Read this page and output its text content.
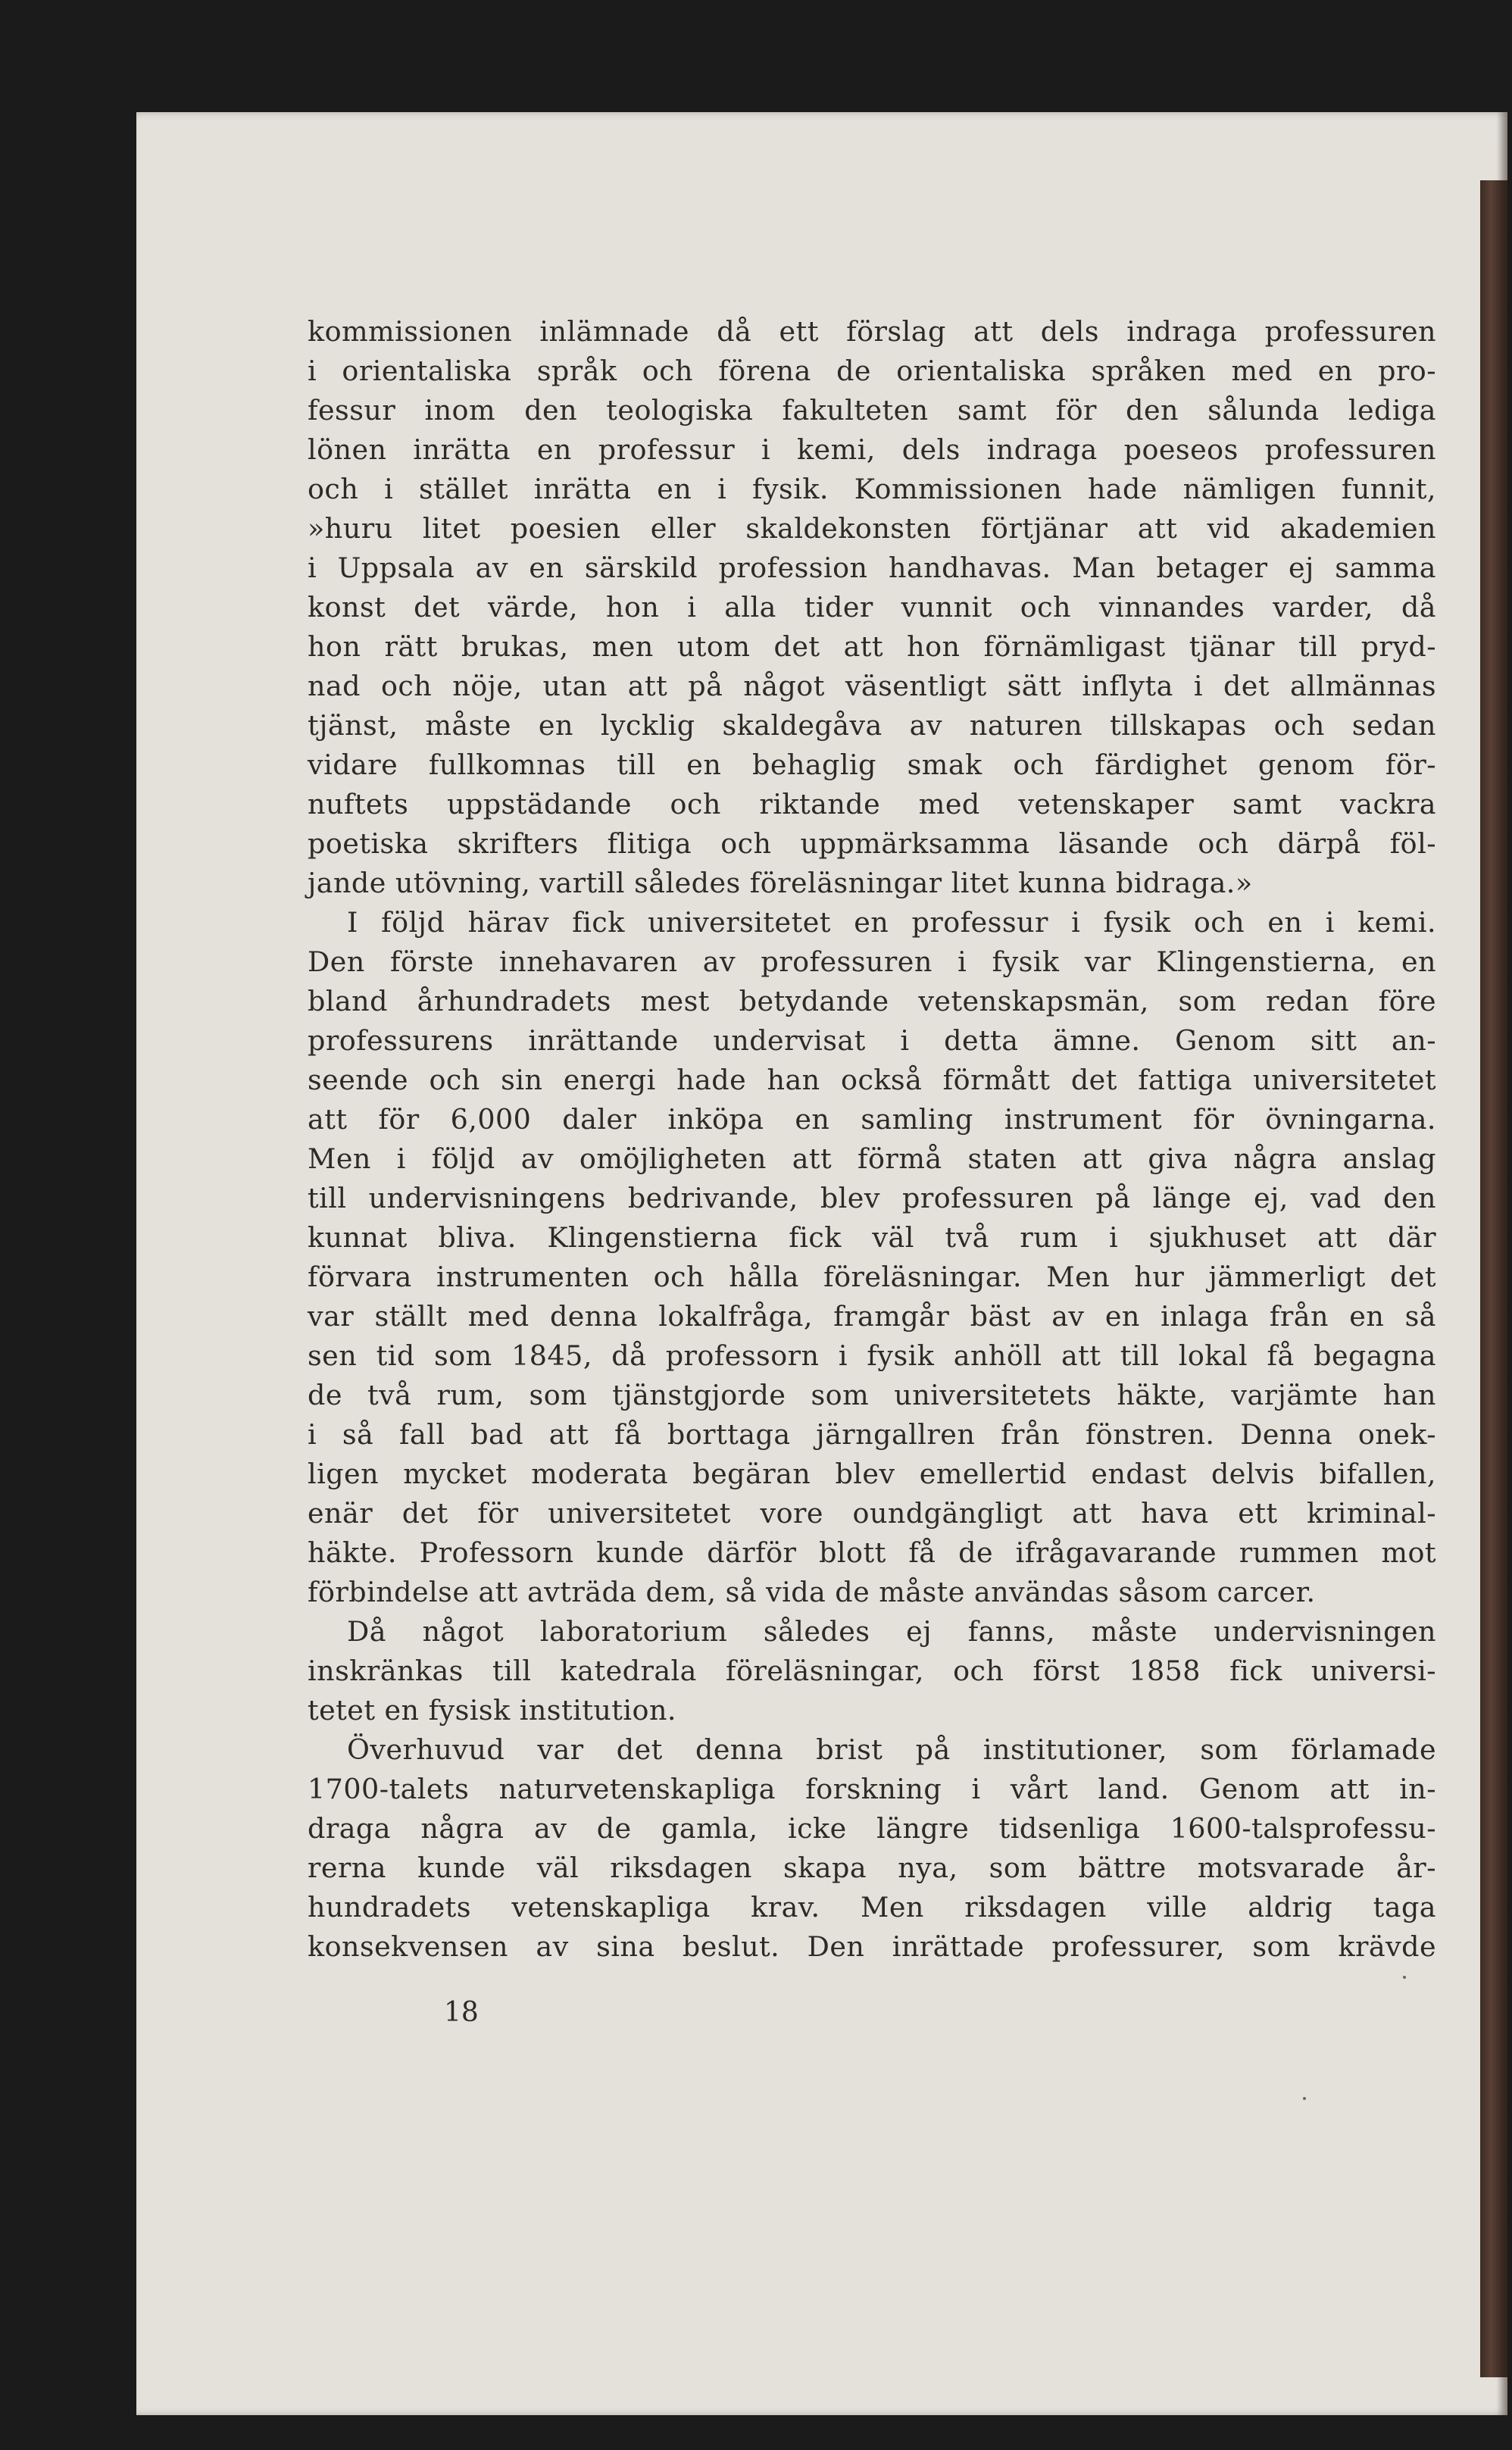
kommissionen inlämnade då ett förslag att dels indraga professuren

i orientaliska språk och förena de orientaliska språken med en pro-

fessur inom den teologiska fakulteten samt för den sålunda lediga

lönen inrätta en professur i kemi, dels indraga poeseos professuren

och i stället inrätta en i fysik. Kommissionen hade nämligen funnit,

»huru litet poesien eller skaldekonsten förtjänar att vid akademien

i Uppsala av en särskild profession handhavas. Man betager ej samma

konst det värde, hon i alla tider vunnit och vinnandes varder, då

hon rätt brukas, men utom det att hon förnämligast tjänar till pryd-

nad och nöje, utan att på något väsentligt sätt inflyta i det allmännas

tjänst, måste en lycklig skaldegåva av naturen tillskapas och sedan

vidare fullkomnas till en behaglig smak och färdighet genom för-

nuftets uppstädande och riktande med vetenskaper samt vackra

poetiska skrifters flitiga och uppmärksamma läsande och därpå föl-

jande utövning, vartill således föreläsningar litet kunna bidraga.»

I följd härav fick universitetet en professur i fysik och en i kemi.

Den förste innehavaren av professuren i fysik var Klingenstierna, en

bland århundradets mest betydande vetenskapsmän, som redan före

professurens inrättande undervisat i detta ämne. Genom sitt an-

seende och sin energi hade han också förmått det fattiga universitetet

att för 6,000 daler inköpa en samling instrument för övningarna.

Men i följd av omöjligheten att förmå staten att giva några anslag

till undervisningens bedrivande, blev professuren på länge ej, vad den

kunnat bliva. Klingenstierna fick väl två rum i sjukhuset att där

förvara instrumenten och hålla föreläsningar. Men hur jämmerligt det

var ställt med denna lokalfråga, framgår bäst av en inlaga från en så

sen tid som 1845, då professorn i fysik anhöll att till lokal få begagna

de två rum, som tjänstgjorde som universitetets häkte, varjämte han

i så fall bad att få borttaga järngallren från fönstren. Denna onek-

ligen mycket moderata begäran blev emellertid endast delvis bifallen,

enär det för universitetet vore oundgängligt att hava ett kriminal-

häkte. Professorn kunde därför blott få de ifrågavarande rummen mot

förbindelse att avträda dem, så vida de måste användas såsom carcer.

Då något laboratorium således ej fanns, måste undervisningen

inskränkas till katedrala föreläsningar, och först 1858 fick universi-

tetet en fysisk institution.

Överhuvud var det denna brist på institutioner, som förlamade

1700-talets naturvetenskapliga forskning i vårt land. Genom att in-

draga några av de gamla, icke längre tidsenliga 1600-talsprofessu-

rerna kunde väl riksdagen skapa nya, som bättre motsvarade år-

hundradets vetenskapliga krav. Men riksdagen ville aldrig taga

konsekvensen av sina beslut. Den inrättade professurer, som krävde

18
